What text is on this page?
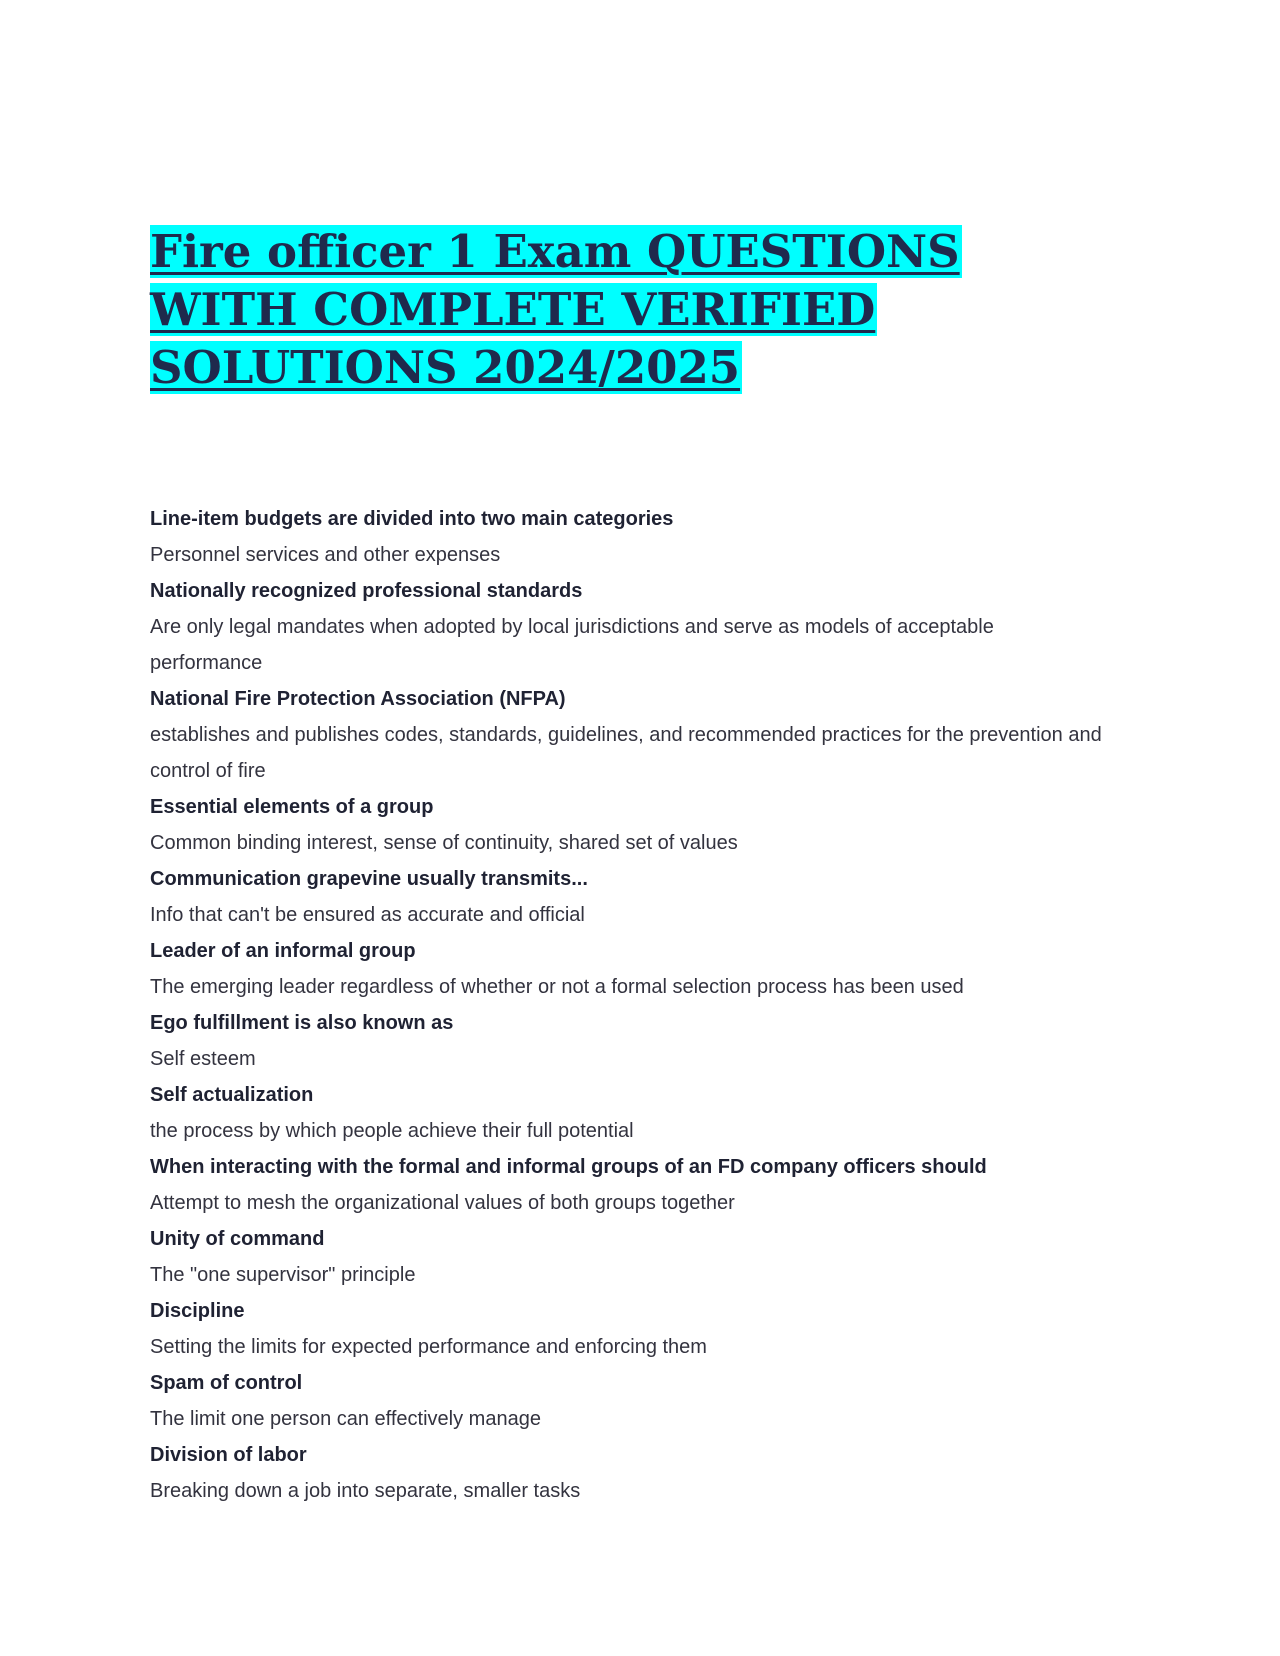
Fire officer 1 Exam QUESTIONS WITH COMPLETE VERIFIED SOLUTIONS 2024/2025

Line-item budgets are divided into two main categories

Personnel services and other expenses

Nationally recognized professional standards

Are only legal mandates when adopted by local jurisdictions and serve as models of acceptable performance

National Fire Protection Association (NFPA)

establishes and publishes codes, standards, guidelines, and recommended practices for the prevention and control of fire

Essential elements of a group

Common binding interest, sense of continuity, shared set of values

Communication grapevine usually transmits...

Info that can't be ensured as accurate and official

Leader of an informal group

The emerging leader regardless of whether or not a formal selection process has been used

Ego fulfillment is also known as

Self esteem

Self actualization

the process by which people achieve their full potential

When interacting with the formal and informal groups of an FD company officers should

Attempt to mesh the organizational values of both groups together

Unity of command

The "one supervisor" principle

Discipline

Setting the limits for expected performance and enforcing them

Spam of control

The limit one person can effectively manage

Division of labor

Breaking down a job into separate, smaller tasks
